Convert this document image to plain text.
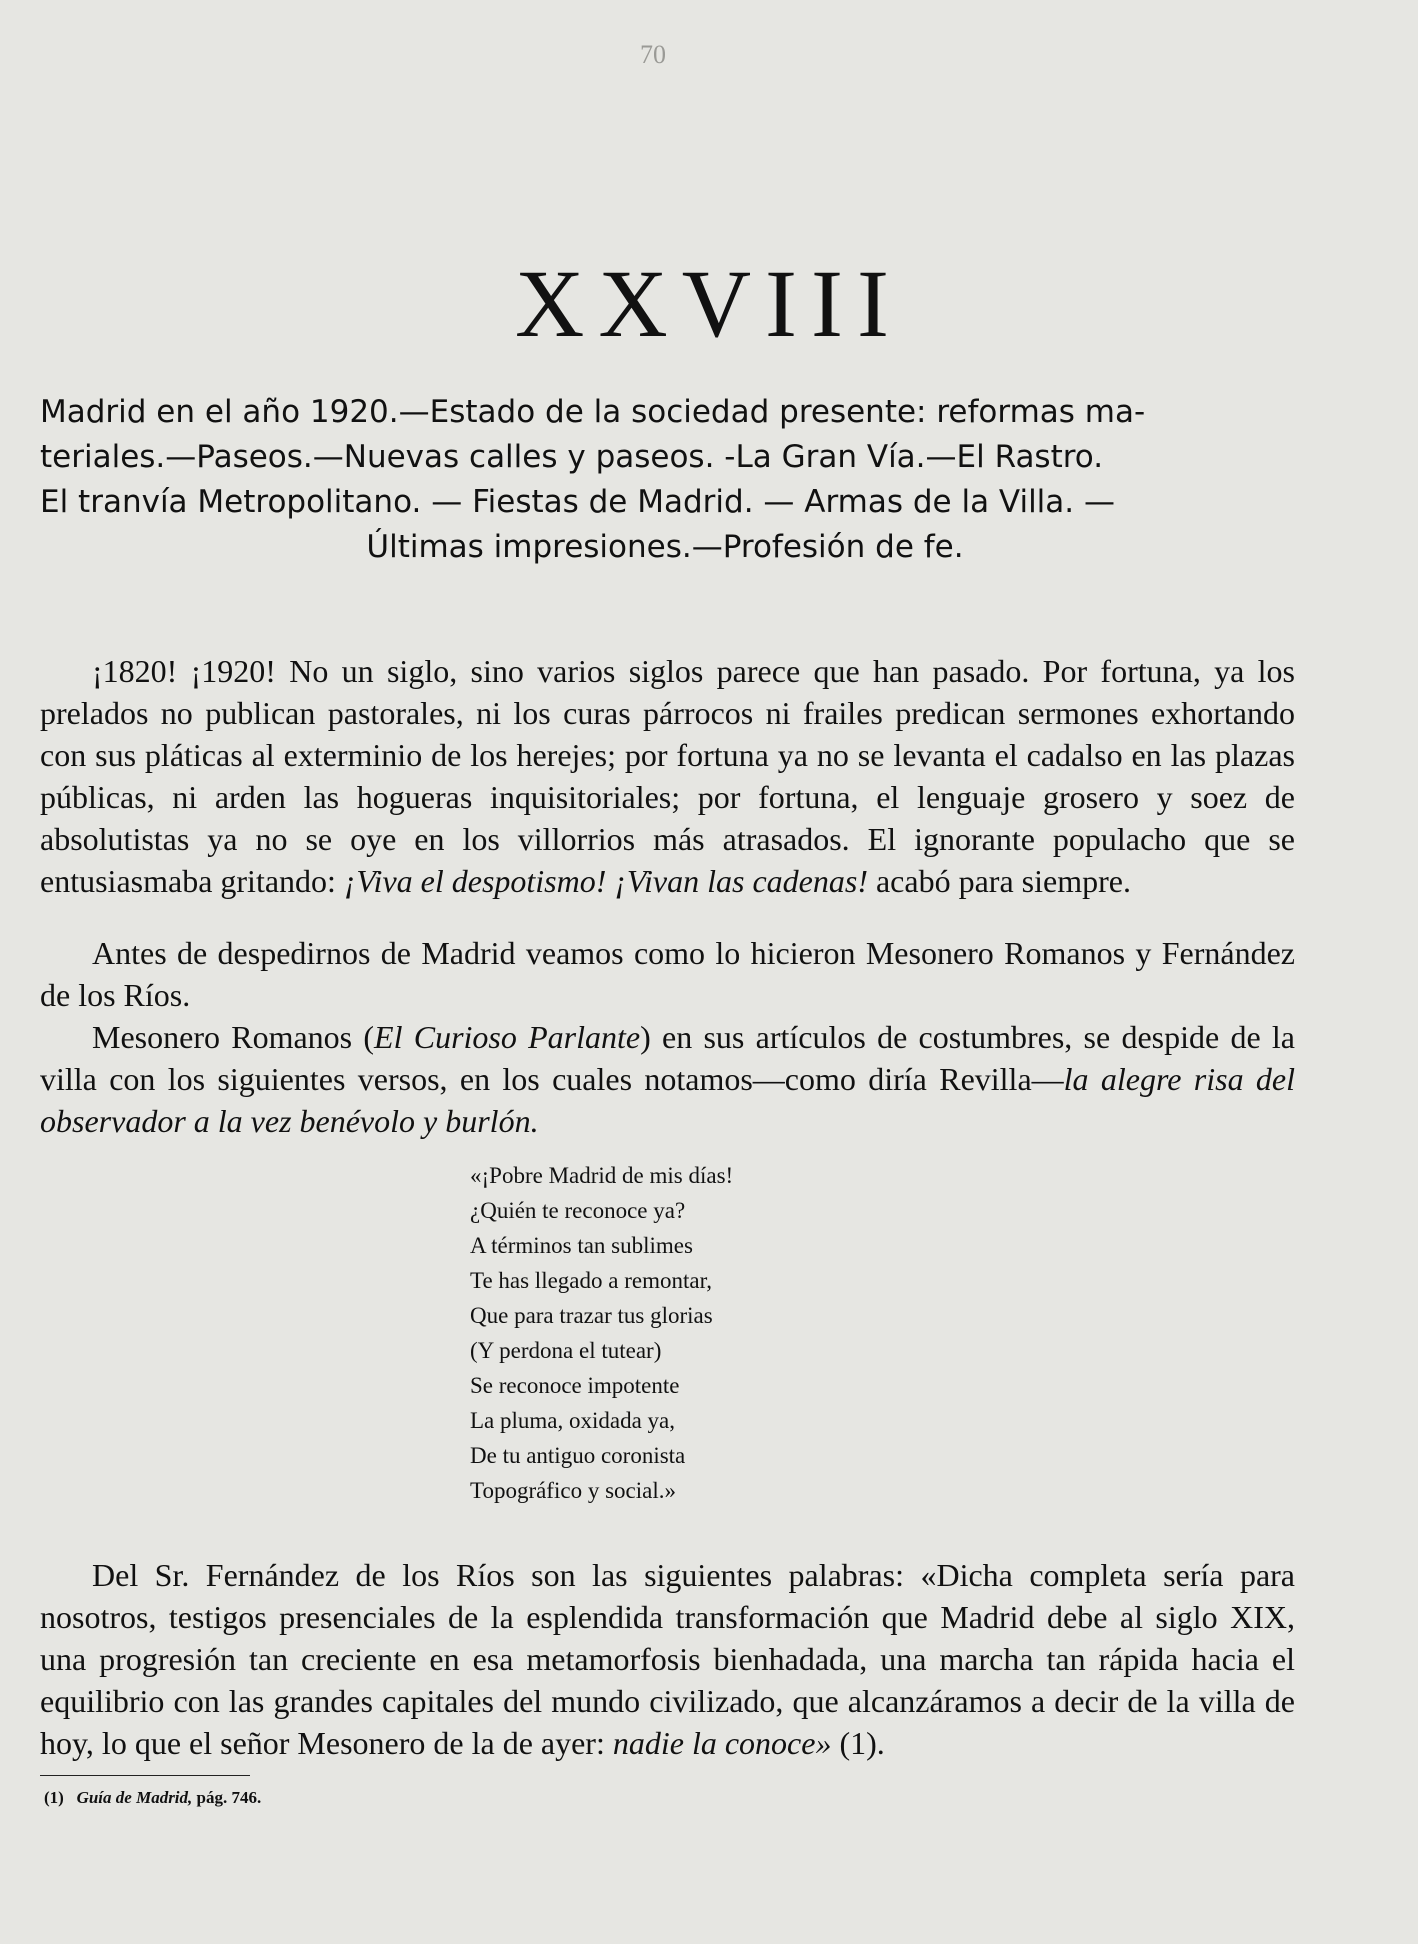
70
XXVIII
Madrid en el año 1920.—Estado de la sociedad presente: reformas ma-
teriales.—Paseos.—Nuevas calles y paseos. -La Gran Vía.—El Rastro.
El tranvía Metropolitano. — Fiestas de Madrid. — Armas de la Villa. —
Últimas impresiones.—Profesión de fe.

¡1820! ¡1920! No un siglo, sino varios siglos parece que han pasado. Por fortuna, ya los prelados no publican pastorales, ni los curas párrocos ni frailes predican sermones exhortando con sus pláticas al exterminio de los herejes; por fortuna ya no se levanta el cadalso en las plazas públicas, ni arden las hogueras inquisitoriales; por fortuna, el lenguaje grosero y soez de absolutistas ya no se oye en los villorrios más atrasados. El ignorante populacho que se entusiasmaba gritando: ¡Viva el despotismo! ¡Vivan las cadenas! acabó para siempre.

Antes de despedirnos de Madrid veamos como lo hicieron Mesonero Romanos y Fernández de los Ríos.

Mesonero Romanos (El Curioso Parlante) en sus artículos de costumbres, se despide de la villa con los siguientes versos, en los cuales notamos—como diría Revilla—la alegre risa del observador a la vez benévolo y burlón.

«¡Pobre Madrid de mis días!
¿Quién te reconoce ya?
A términos tan sublimes
Te has llegado a remontar,
Que para trazar tus glorias
(Y perdona el tutear)
Se reconoce impotente
La pluma, oxidada ya,
De tu antiguo coronista
Topográfico y social.»

Del Sr. Fernández de los Ríos son las siguientes palabras: «Dicha completa sería para nosotros, testigos presenciales de la esplendida transformación que Madrid debe al siglo XIX, una progresión tan creciente en esa metamorfosis bienhadada, una marcha tan rápida hacia el equilibrio con las grandes capitales del mundo civilizado, que alcanzáramos a decir de la villa de hoy, lo que el señor Mesonero de la de ayer: nadie la conoce» (1).

(1) Guía de Madrid, pág. 746.
